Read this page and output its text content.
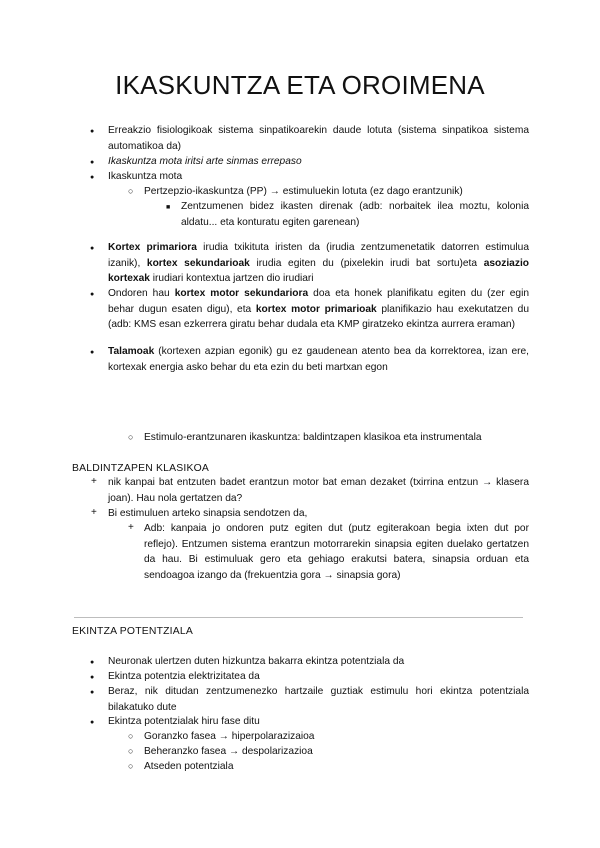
IKASKUNTZA ETA OROIMENA
●
Erreakzio fisiologikoak sistema sinpatikoarekin daude lotuta (sistema sinpatikoa sistema automatikoa da)
●
Ikaskuntza mota iritsi arte sinmas errepaso
●
Ikaskuntza mota
○
Pertzepzio-ikaskuntza (PP) → estimuluekin lotuta (ez dago erantzunik)
■
Zentzumenen bidez ikasten direnak (adb: norbaitek ilea moztu, kolonia aldatu... eta konturatu egiten garenean)
●
Kortex primariora irudia txikituta iristen da (irudia zentzumenetatik datorren estimulua izanik), kortex sekundarioak irudia egiten du (pixelekin irudi bat sortu)eta asoziazio kortexak irudiari kontextua jartzen dio irudiari
●
Ondoren hau kortex motor sekundariora doa eta honek planifikatu egiten du (zer egin behar dugun esaten digu), eta kortex motor primarioak planifikazio hau exekutatzen du (adb: KMS esan ezkerrera giratu behar dudala eta KMP giratzeko ekintza aurrera eraman)
●
Talamoak (kortexen azpian egonik) gu ez gaudenean atento bea da korrektorea, izan ere, kortexak energia asko behar du eta ezin du beti martxan egon
○
Estimulo-erantzunaren ikaskuntza: baldintzapen klasikoa eta instrumentala
BALDINTZAPEN KLASIKOA
+
nik kanpai bat entzuten badet erantzun motor bat eman dezaket (txirrina entzun → klasera joan). Hau nola gertatzen da?
+
Bi estimuluen arteko sinapsia sendotzen da,
+
Adb: kanpaia jo ondoren putz egiten dut (putz egiterakoan begia ixten dut por reflejo). Entzumen sistema erantzun motorrarekin sinapsia egiten duelako gertatzen da hau. Bi estimuluak gero eta gehiago erakutsi batera, sinapsia orduan eta sendoagoa izango da (frekuentzia gora → sinapsia gora)
EKINTZA POTENTZIALA
●
Neuronak ulertzen duten hizkuntza bakarra ekintza potentziala da
●
Ekintza potentzia elektrizitatea da
●
Beraz, nik ditudan zentzumenezko hartzaile guztiak estimulu hori ekintza potentziala bilakatuko dute
●
Ekintza potentzialak hiru fase ditu
○
Goranzko fasea → hiperpolarazizaioa
○
Beheranzko fasea → despolarizazioa
○
Atseden potentziala
